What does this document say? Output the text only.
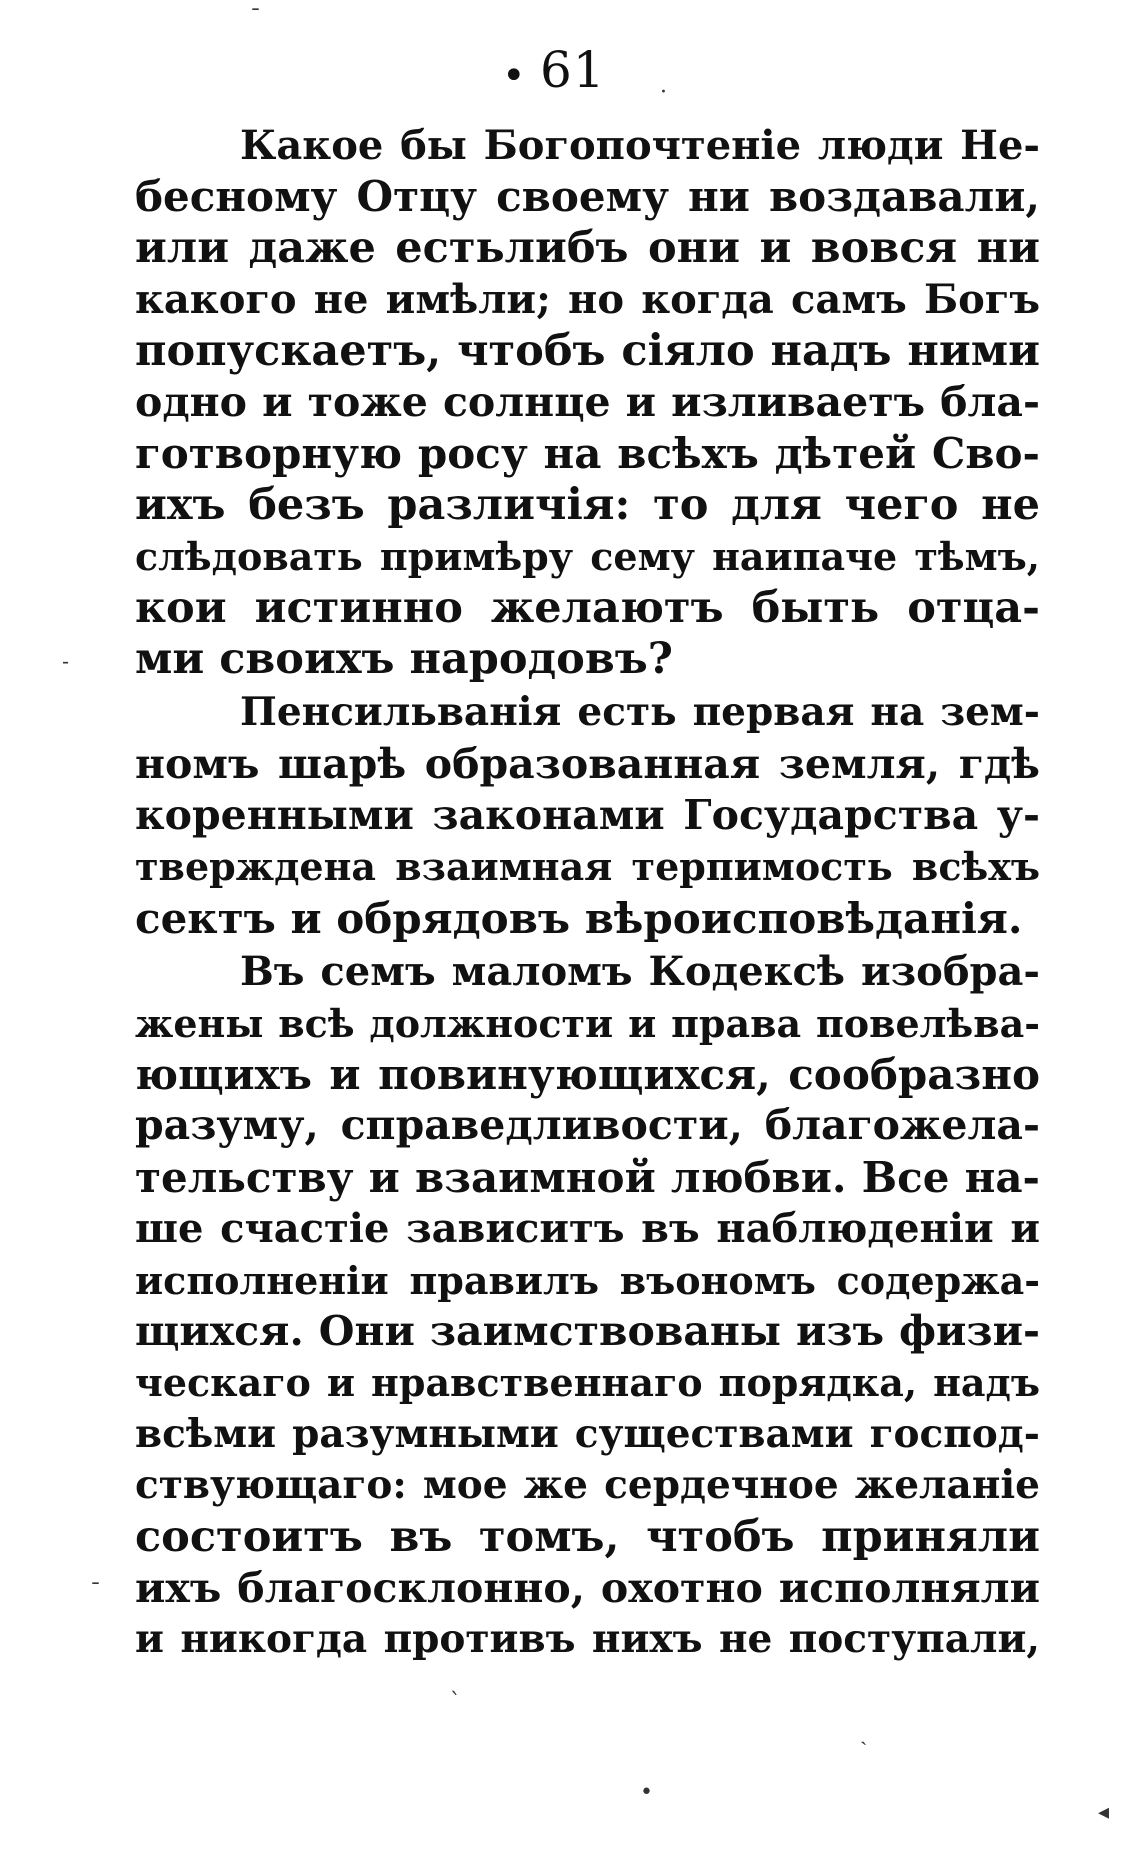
• 61
Какое бы Богопочтеніе люди Не-
бесному Отцу своему ни воздавали,
или даже естьлибъ они и вовся ни
какого не имѣли; но когда самъ Богъ
попускаетъ, чтобъ сіяло надъ ними
одно и тоже солнце и изливаетъ бла-
готворную росу на всѣхъ дѣтей Сво-
ихъ безъ различія: то для чего не
слѣдовать примѣру сему наипаче тѣмъ,
кои истинно желаютъ быть отца-
ми своихъ народовъ?
Пенсильванія есть первая на зем-
номъ шарѣ образованная земля, гдѣ
коренными законами Государства у-
тверждена взаимная терпимость всѣхъ
сектъ и обрядовъ вѣроисповѣданія.
Въ семъ маломъ Кодексѣ изобра-
жены всѣ должности и права повелѣва-
ющихъ и повинующихся, сообразно
разуму, справедливости, благожела-
тельству и взаимной любви. Все на-
ше счастіе зависитъ въ наблюденіи и
исполненіи правилъ въономъ содержа-
щихся. Они заимствованы изъ физи-
ческаго и нравственнаго порядка, надъ
всѣми разумными существами господ-
ствующаго: мое же сердечное желаніе
состоитъ въ томъ, чтобъ приняли
ихъ благосклонно, охотно исполняли
и никогда противъ нихъ не поступали,
ˉ
·
˗
ˉ
ˋ
•
◂
ˎ
